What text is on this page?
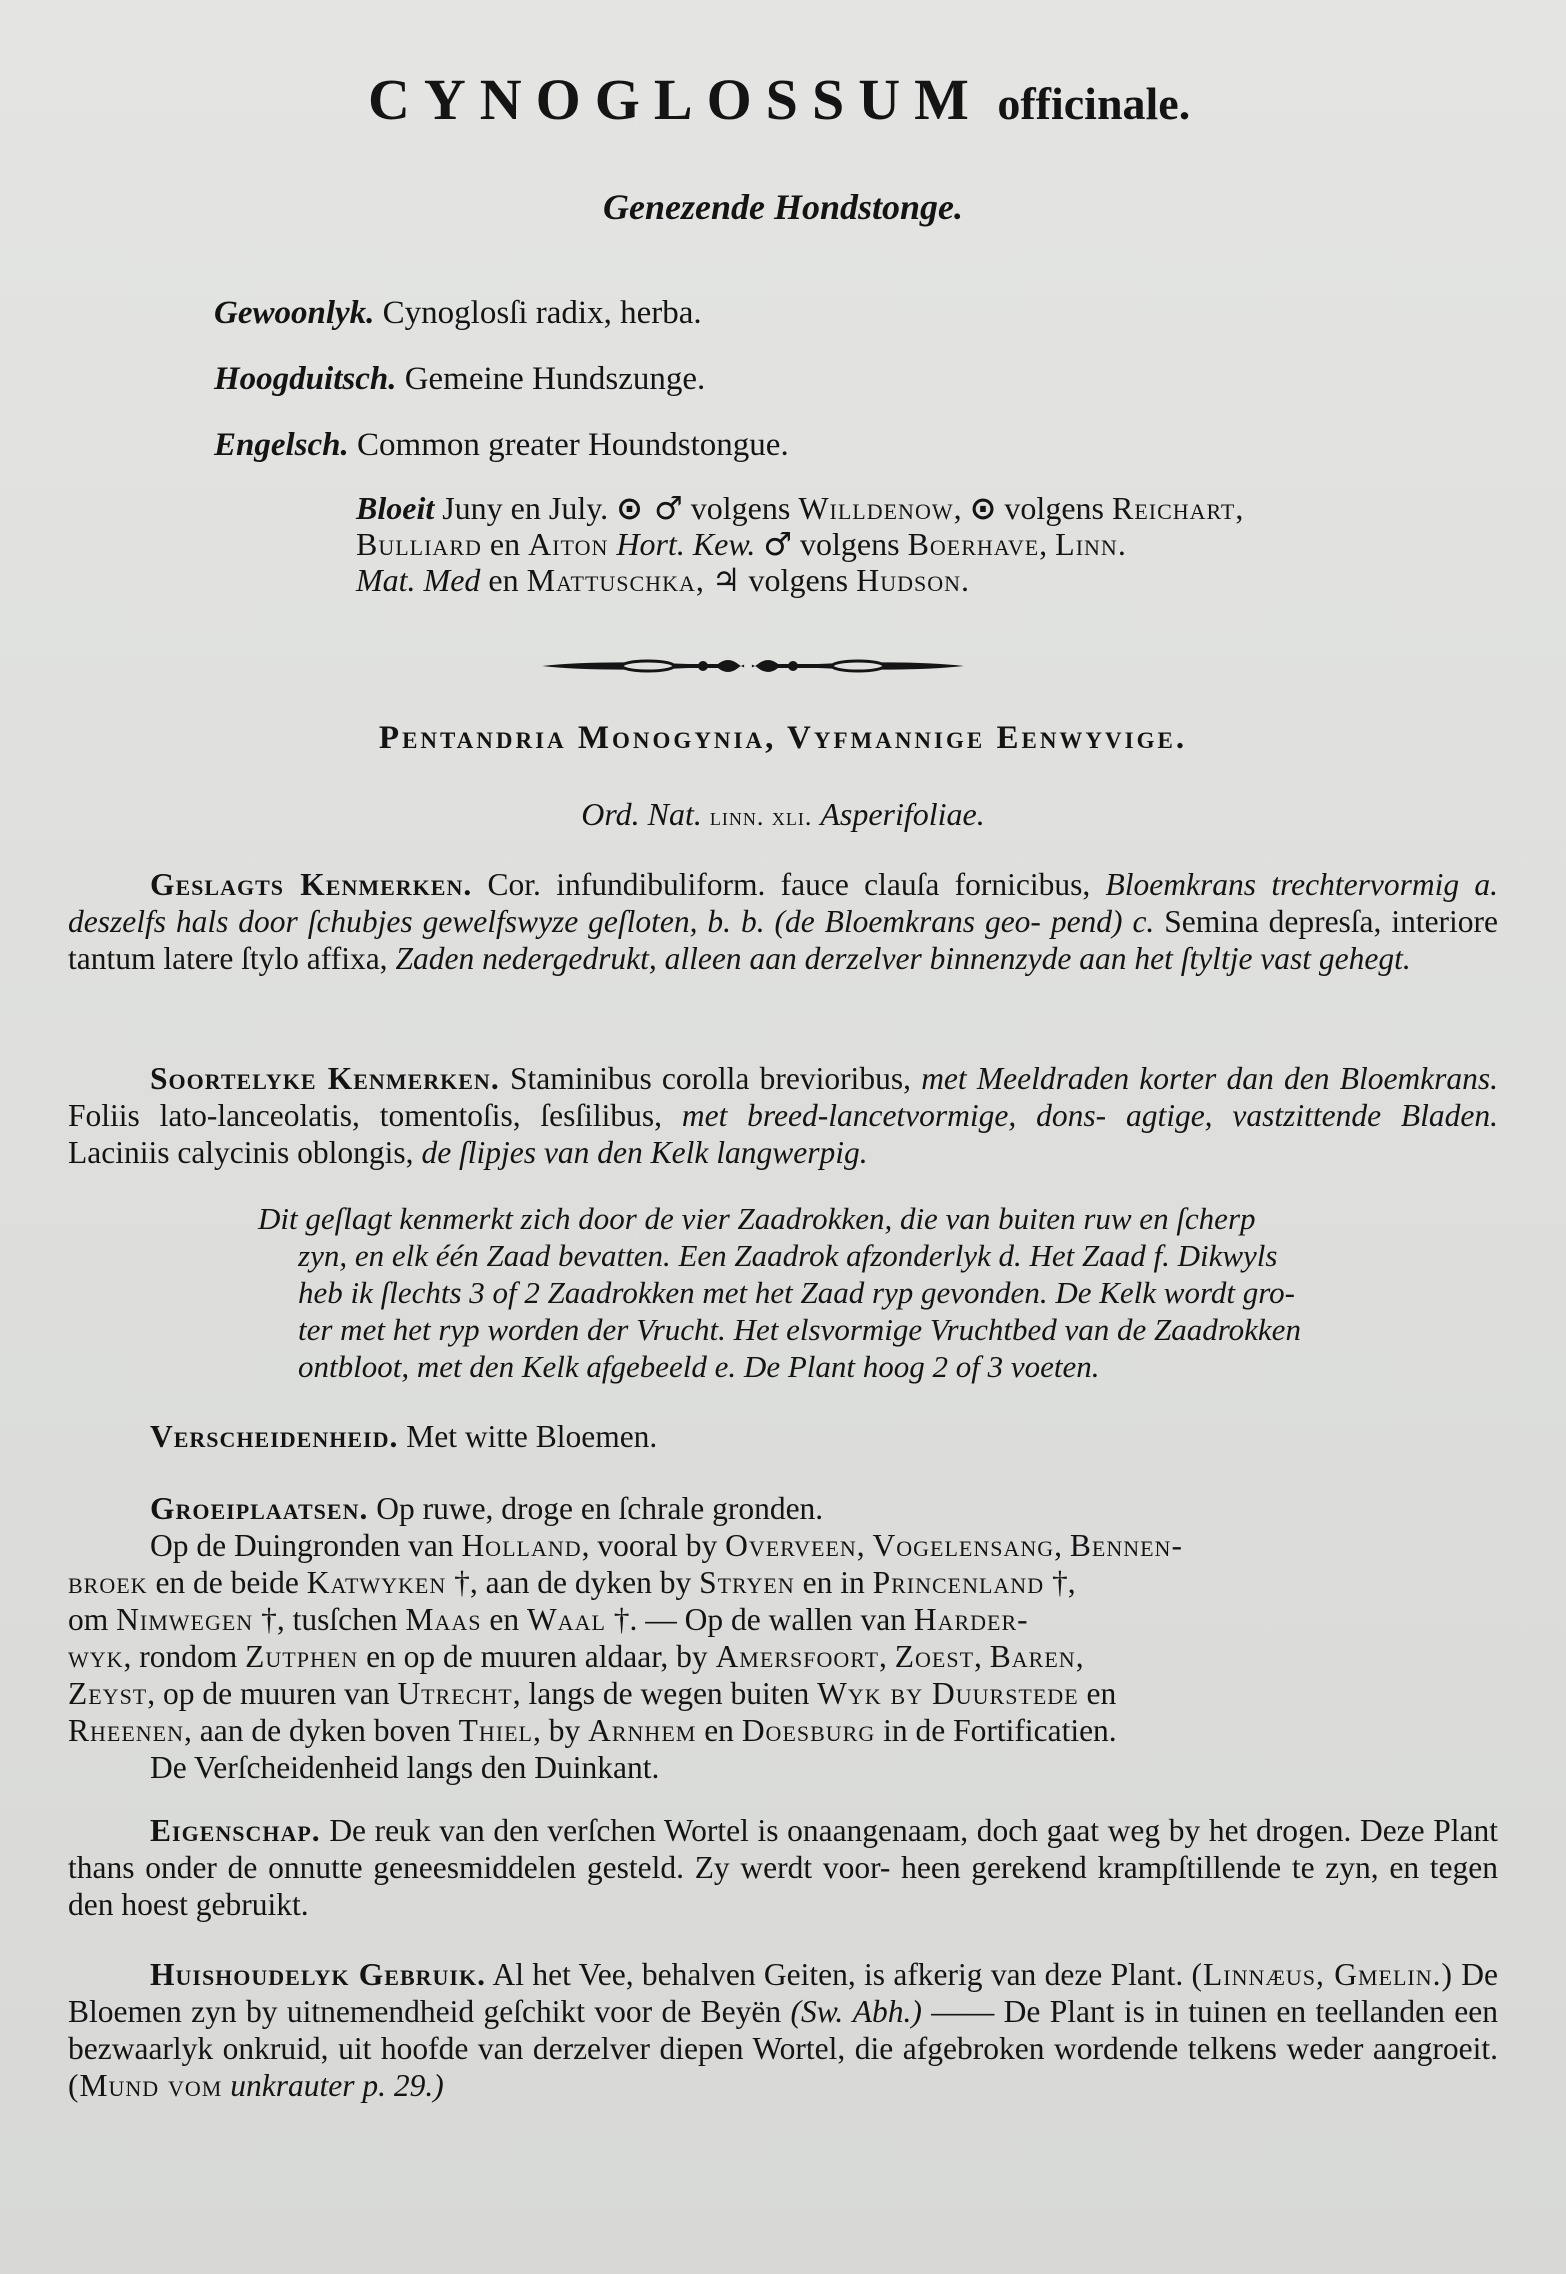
CYNOGLOSSUM officinale.
Genezende Hondstonge.
Gewoonlyk. Cynoglosſi radix, herba.
Hoogduitsch. Gemeine Hundszunge.
Engelsch. Common greater Houndstongue.
Bloeit Juny en July. ⊙ ♂ volgens Willdenow, ⊙ volgens Reichart,
Bulliard en Aiton Hort. Kew. ♂ volgens Boerhave, Linn.
Mat. Med en Mattuschka, ♃ volgens Hudson.
Pentandria Monogynia, Vyfmannige Eenwyvige.
Ord. Nat. linn. xli. Asperifoliae.
Geslagts Kenmerken. Cor. infundibuliform. fauce clauſa fornicibus, Bloemkrans trechtervormig a. deszelfs hals door ſchubjes gewelfswyze geſloten, b. b. (de Bloemkrans geo- pend) c. Semina depresſa, interiore tantum latere ſtylo affixa, Zaden nedergedrukt, alleen aan derzelver binnenzyde aan het ſtyltje vast gehegt.
Soortelyke Kenmerken. Staminibus corolla brevioribus, met Meeldraden korter dan den Bloemkrans. Foliis lato-lanceolatis, tomentoſis, ſesſilibus, met breed-lancetvormige, dons- agtige, vastzittende Bladen. Laciniis calycinis oblongis, de ſlipjes van den Kelk langwerpig.
Dit geſlagt kenmerkt zich door de vier Zaadrokken, die van buiten ruw en ſcherp
zyn, en elk één Zaad bevatten. Een Zaadrok afzonderlyk d. Het Zaad f. Dikwyls
heb ik ſlechts 3 of 2 Zaadrokken met het Zaad ryp gevonden. De Kelk wordt gro-
ter met het ryp worden der Vrucht. Het elsvormige Vruchtbed van de Zaadrokken
ontbloot, met den Kelk afgebeeld e. De Plant hoog 2 of 3 voeten.
Verscheidenheid. Met witte Bloemen.
Groeiplaatsen. Op ruwe, droge en ſchrale gronden.
Op de Duingronden van Holland, vooral by Overveen, Vogelensang, Bennen-
broek en de beide Katwyken †, aan de dyken by Stryen en in Princenland †,
om Nimwegen †, tusſchen Maas en Waal †. — Op de wallen van Harder-
wyk, rondom Zutphen en op de muuren aldaar, by Amersfoort, Zoest, Baren,
Zeyst, op de muuren van Utrecht, langs de wegen buiten Wyk by Duurstede en
Rheenen, aan de dyken boven Thiel, by Arnhem en Doesburg in de Fortificatien.
De Verſcheidenheid langs den Duinkant.
Eigenschap. De reuk van den verſchen Wortel is onaangenaam, doch gaat weg by het drogen. Deze Plant thans onder de onnutte geneesmiddelen gesteld. Zy werdt voor- heen gerekend krampſtillende te zyn, en tegen den hoest gebruikt.
Huishoudelyk Gebruik. Al het Vee, behalven Geiten, is afkerig van deze Plant. (Linnæus, Gmelin.) De Bloemen zyn by uitnemendheid geſchikt voor de Beyën (Sw. Abh.) —— De Plant is in tuinen en teellanden een bezwaarlyk onkruid, uit hoofde van derzelver diepen Wortel, die afgebroken wordende telkens weder aangroeit. (Mund vom unkrauter p. 29.)
